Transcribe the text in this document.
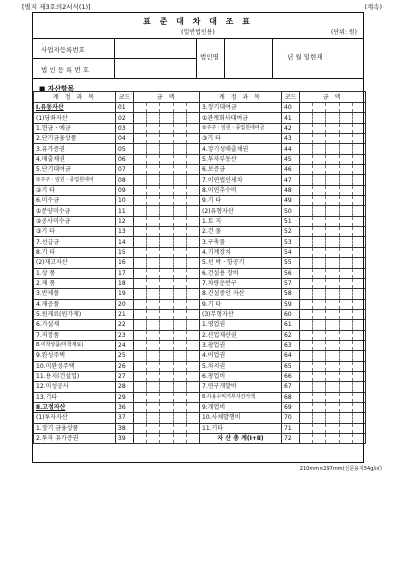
[별지 제3호의2서식(1)]	(계속)
표 준 대 차 대 조 표
(일반법인용)	(단위: 원)
사업자등록번호
법 인 등 록 번 호
법인명	년 월 일현재
■ 자산항목
계 정 과 목	코드	금 액	계 정 과 목	코드	금 액
Ⅰ.유동자산	01		3.장기대여금	40	

(1)당좌자산	02		①관계회사대여금	41	

1.현금ㆍ예금	03		②주주ㆍ임원ㆍ종업원대여금	42	

2.단기금융상품	04		③기 타	43	

3.유가증권	05		4.장기성매출채권	44	

4.매출채권	06		5.투자부동산	45	

5.단기대여금	07		6.보증금	46	

①주주ㆍ임원ㆍ종업원대여	08		7.이연법인세차	47	

②기 타	09		8.이연추수비	48	

6.미수금	10		9.기 타	49	

①분양미수금	11		(2)유형자산	50	

②공사미수금	12		1.토 지	51	

③기 타	13		2.건 물	52	

7.선급금	14		3.구축물	53	

8.기 타	15		4.기계장치	54	

(2)재고자산	16		5.선 박ㆍ항공기	55	

1.상 품	17		6.건설용 장비	56	

2.제 품	18		7.차량운반구	57	

3.반제품	19		8.건설중인 자산	58	

4.재공품	20		9.기 타	59	

5.원재료(원가재)	21		(3)무형자산	60	

6.가설재	22		1.영업권	61	

7.저장품	23		2.산업재산권	62	

8.미착상품(미착재료)	24		3.광업권	63	

9.완성주택	25		4.어업권	64	

10.미완성주택	26		5.차지권	65	

11.용지(건설업)	27		6.창업비	66	

12.미성공사	28		7.연구개발비	67	

13.기타	29		8.사용수익기부자산가액	68	

Ⅱ.고정자산	36		9.개업비	69	

(1)투자자산	37		10.사채발행비	70	

1.장기 금융상품	38		11.기타	71	

2.투자 유가증권	39		자 산 총 계(Ⅰ+Ⅱ)	72	
210mm×297mm(신문용지54g/㎡)
